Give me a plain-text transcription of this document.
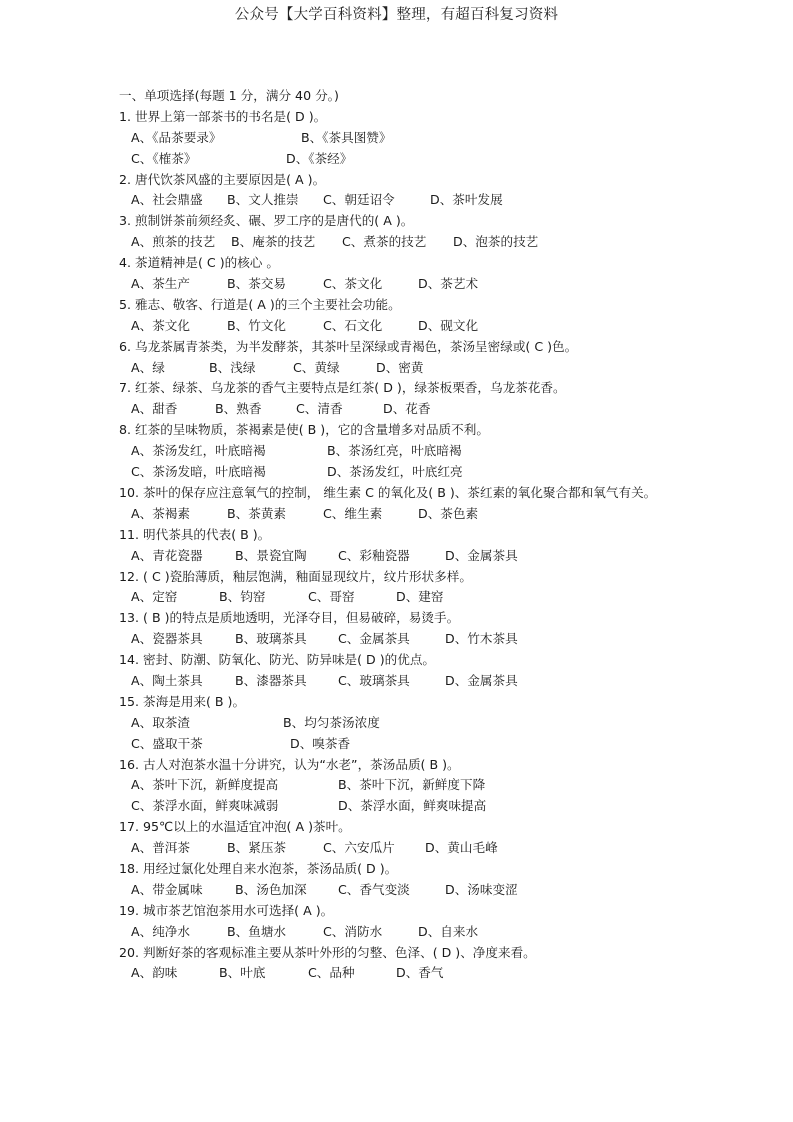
公众号【大学百科资料】整理，有超百科复习资料
一、单项选择(每题 1 分，满分 40 分。)
1. 世界上第一部茶书的书名是( D )。
A、《品茶要录》	B、《茶具图赞》
C、《榷茶》	D、《茶经》
2. 唐代饮茶风盛的主要原因是( A )。
A、社会鼎盛 B、文人推崇 C、朝廷诏令	D、茶叶发展
3. 煎制饼茶前须经炙、碾、罗工序的是唐代的( A )。
A、煎茶的技艺 B、庵茶的技艺 C、煮茶的技艺 D、泡茶的技艺
4. 茶道精神是( C )的核心 。
A、茶生产	B、茶交易	C、茶文化	D、茶艺术
5. 雅志、敬客、行道是( A )的三个主要社会功能。
A、茶文化	B、竹文化	C、石文化	D、砚文化
6. 乌龙茶属青茶类，为半发酵茶，其茶叶呈深绿或青褐色，茶汤呈密绿或( C )色。
A、绿	B、浅绿	C、黄绿	D、密黄
7. 红茶、绿茶、乌龙茶的香气主要特点是红茶( D )，绿茶板栗香，乌龙茶花香。
A、甜香	B、熟香	C、清香	D、花香
8. 红茶的呈味物质，茶褐素是使( B )，它的含量增多对品质不利。
A、茶汤发红，叶底暗褐	B、茶汤红亮，叶底暗褐
C、茶汤发暗，叶底暗褐	D、茶汤发红，叶底红亮
10. 茶叶的保存应注意氧气的控制， 维生素 C 的氧化及( B )、茶红素的氧化聚合都和氧气有关。
A、茶褐素	B、茶黄素	C、维生素	D、茶色素
11. 明代茶具的代表( B )。
A、青花瓷器	B、景瓷宜陶 C、彩釉瓷器	D、金属茶具
12. ( C )瓷胎薄质，釉层饱满，釉面显现纹片，纹片形状多样。
A、定窑	B、钧窑	C、哥窑	D、建窑
13. ( B )的特点是质地透明，光泽夺目，但易破碎，易烫手。
A、瓷器茶具	B、玻璃茶具 C、金属茶具	D、竹木茶具
14. 密封、防潮、防氧化、防光、防异味是( D )的优点。
A、陶土茶具	B、漆器茶具 C、玻璃茶具	D、金属茶具
15. 茶海是用来( B )。
A、取茶渣	B、均匀茶汤浓度
C、盛取干茶	D、嗅茶香
16. 古人对泡茶水温十分讲究，认为“水老”，茶汤品质( B )。
A、茶叶下沉，新鲜度提高	B、茶叶下沉，新鲜度下降
C、茶浮水面，鲜爽味减弱	D、茶浮水面，鲜爽味提高
17. 95℃以上的水温适宜冲泡( A )茶叶。
A、普洱茶	B、紧压茶	C、六安瓜片 D、黄山毛峰
18. 用经过氯化处理自来水泡茶，茶汤品质( D )。
A、带金属味	B、汤色加深 C、香气变淡	D、汤味变涩
19. 城市茶艺馆泡茶用水可选择( A )。
A、纯净水	B、鱼塘水	C、消防水	D、自来水
20. 判断好茶的客观标准主要从茶叶外形的匀整、色泽、( D )、净度来看。
A、韵味	B、叶底	C、品种	D、香气
